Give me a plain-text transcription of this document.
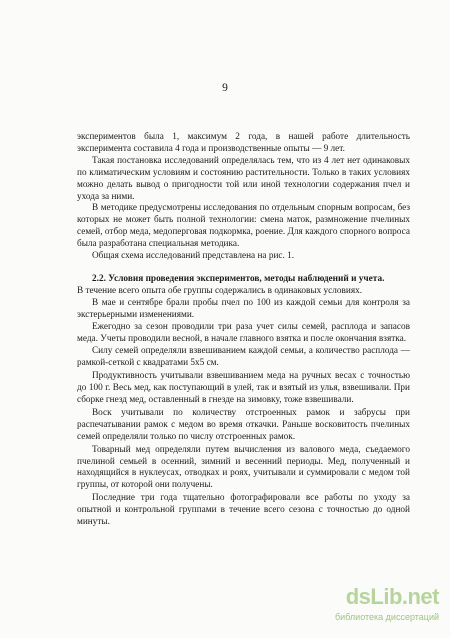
9

экспериментов была 1, максимум 2 года, в нашей работе длительность эксперимента составила 4 года и производственные опыты — 9 лет.

Такая постановка исследований определялась тем, что из 4 лет нет одинаковых по климатическим условиям и состоянию растительности. Только в таких условиях можно делать вывод о пригодности той или иной технологии содержания пчел и ухода за ними.

В методике предусмотрены исследования по отдельным спорным вопросам, без которых не может быть полной технологии: смена маток, размножение пчелиных семей, отбор меда, медоперговая подкормка, роение. Для каждого спорного вопроса была разработана специальная методика.

Общая схема исследований представлена на рис. 1.

2.2. Условия проведения экспериментов, методы наблюдений и учета.

В течение всего опыта обе группы содержались в одинаковых условиях.

В мае и сентябре брали пробы пчел по 100 из каждой семьи для контроля за экстерьерными изменениями.

Ежегодно за сезон проводили три раза учет силы семей, расплода и запасов меда. Учеты проводили весной, в начале главного взятка и после окончания взятка.

Силу семей определяли взвешиванием каждой семьи, а количество расплода — рамкой-сеткой с квадратами 5х5 см.

Продуктивность учитывали взвешиванием меда на ручных весах с точностью до 100 г. Весь мед, как поступающий в улей, так и взятый из улья, взвешивали. При сборке гнезд мед, оставленный в гнезде на зимовку, тоже взвешивали.

Воск учитывали по количеству отстроенных рамок и забрусы при распечатывании рамок с медом во время откачки. Раньше восковитость пчелиных семей определяли только по числу отстроенных рамок.

Товарный мед определяли путем вычисления из валового меда, съедаемого пчелиной семьей в осенний, зимний и весенний периоды. Мед, полученный и находящийся в нуклеусах, отводках и роях, учитывали и суммировали с медом той группы, от которой они получены.

Последние три года тщательно фотографировали все работы по уходу за опытной и контрольной группами в течение всего сезона с точностью до одной минуты.

dsLib.net
библиотека диссертаций
